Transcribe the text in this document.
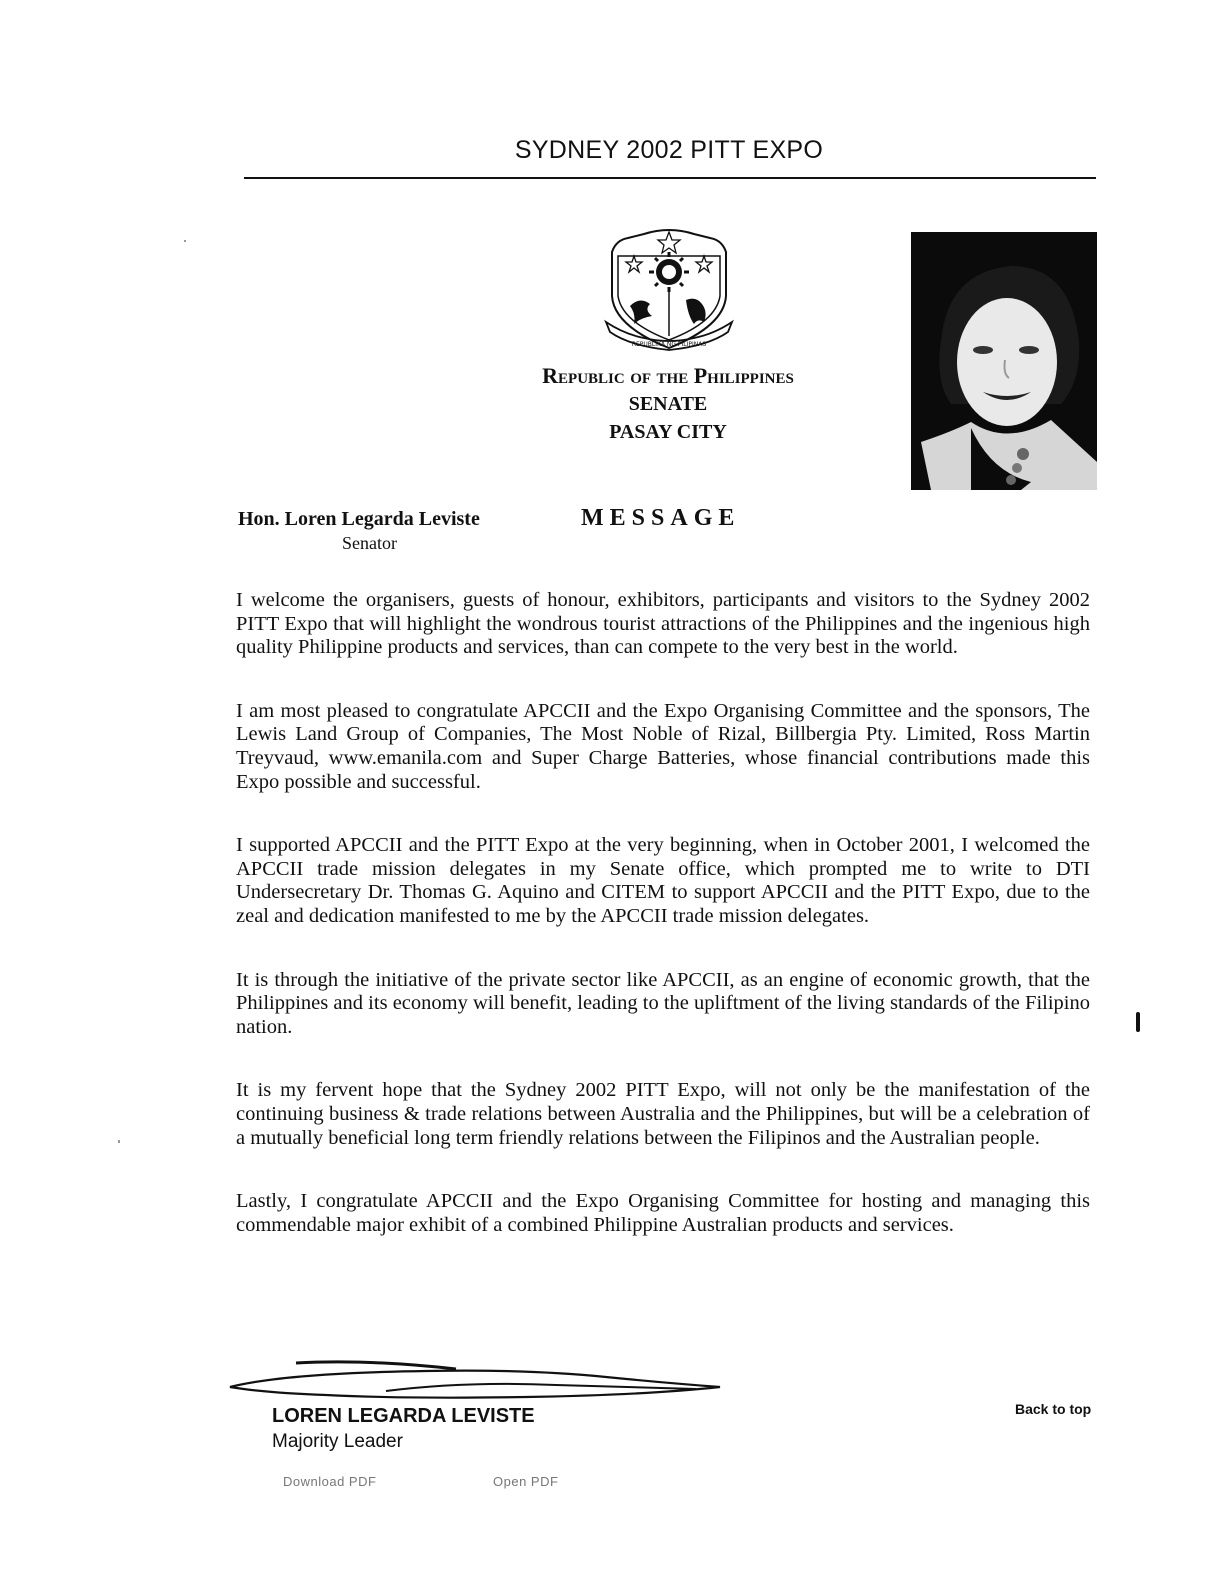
SYDNEY 2002 PITT EXPO
REPUBLIKA NG PILIPINAS
Republic of the Philippines
SENATE
PASAY CITY
Hon. Loren Legarda Leviste
Senator
MESSAGE

I welcome the organisers, guests of honour, exhibitors, participants and visitors to the Sydney 2002 PITT Expo that will highlight the wondrous tourist attractions of the Philippines and the ingenious high quality Philippine products and services, than can compete to the very best in the world.

I am most pleased to congratulate APCCII and the Expo Organising Committee and the sponsors, The Lewis Land Group of Companies, The Most Noble of Rizal, Billbergia Pty. Limited, Ross Martin Treyvaud, www.emanila.com and Super Charge Batteries, whose financial contributions made this Expo possible and successful.

I supported APCCII and the PITT Expo at the very beginning, when in October 2001, I welcomed the APCCII trade mission delegates in my Senate office, which prompted me to write to DTI Undersecretary Dr. Thomas G. Aquino and CITEM to support APCCII and the PITT Expo, due to the zeal and dedication manifested to me by the APCCII trade mission delegates.

It is through the initiative of the private sector like APCCII, as an engine of economic growth, that the Philippines and its economy will benefit, leading to the upliftment of the living standards of the Filipino nation.

It is my fervent hope that the Sydney 2002 PITT Expo, will not only be the manifestation of the continuing business & trade relations between Australia and the Philippines, but will be a celebration of a mutually beneficial long term friendly relations between the Filipinos and the Australian people.

Lastly, I congratulate APCCII and the Expo Organising Committee for hosting and managing this commendable major exhibit of a combined Philippine Australian products and services.

LOREN LEGARDA LEVISTE
Majority Leader
Back to top
Download PDF	Open PDF
